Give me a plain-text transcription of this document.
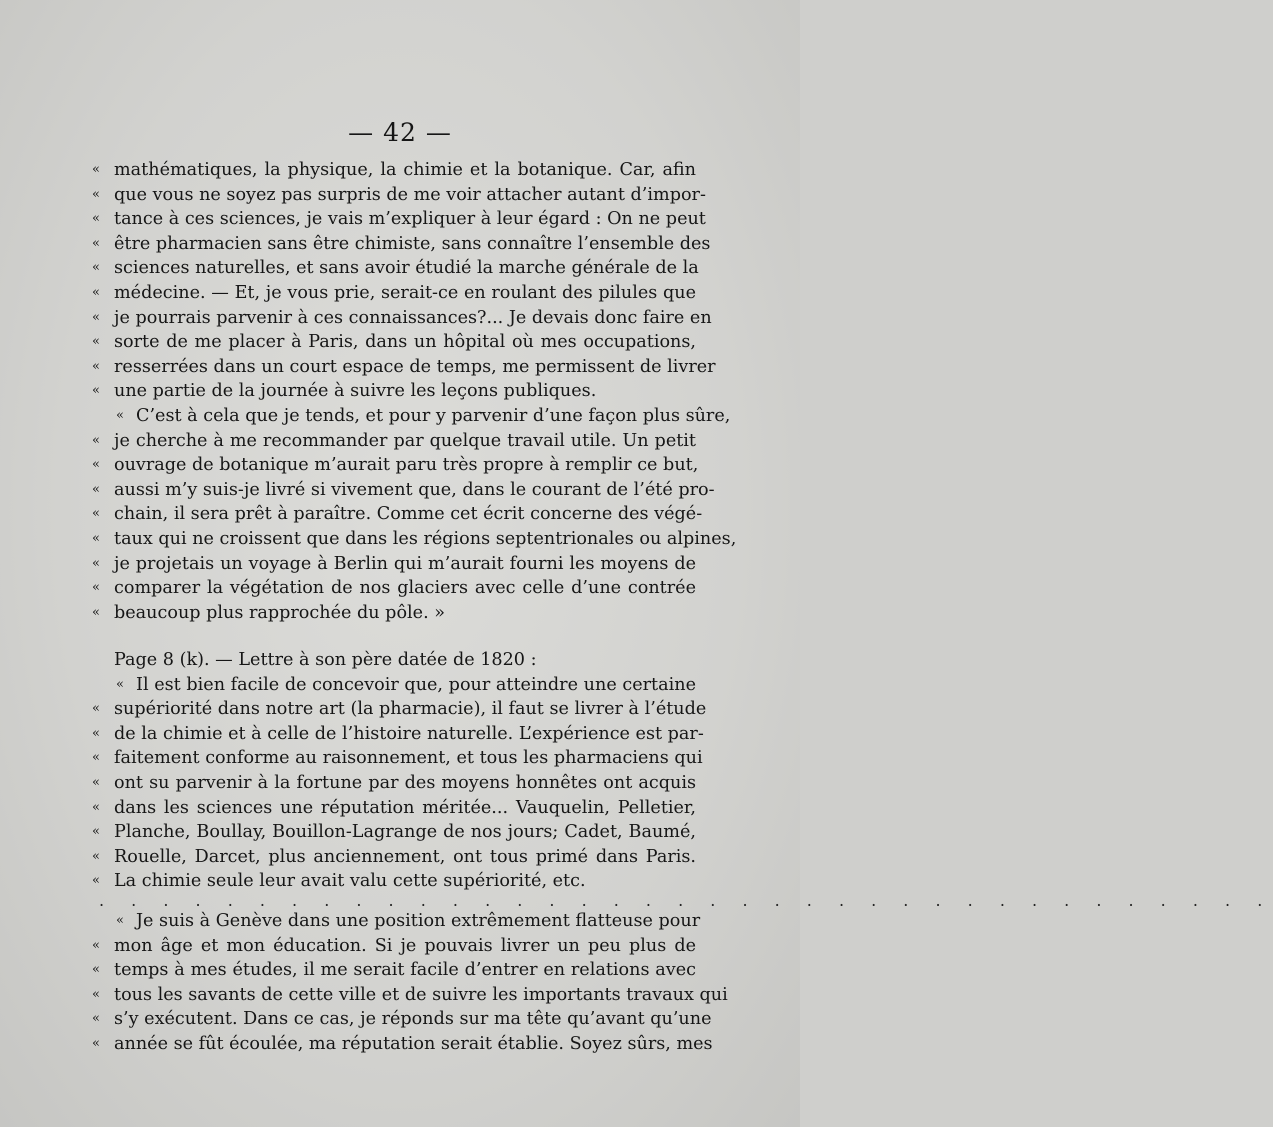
— 42 —
« mathématiques, la physique, la chimie et la botanique. Car, afin
« que vous ne soyez pas surpris de me voir attacher autant d’impor-
« tance à ces sciences, je vais m’expliquer à leur égard : On ne peut
« être pharmacien sans être chimiste, sans connaître l’ensemble des
« sciences naturelles, et sans avoir étudié la marche générale de la
« médecine. — Et, je vous prie, serait-ce en roulant des pilules que
« je pourrais parvenir à ces connaissances?... Je devais donc faire en
« sorte de me placer à Paris, dans un hôpital où mes occupations,
« resserrées dans un court espace de temps, me permissent de livrer
« une partie de la journée à suivre les leçons publiques.
« C’est à cela que je tends, et pour y parvenir d’une façon plus sûre,
« je cherche à me recommander par quelque travail utile. Un petit
« ouvrage de botanique m’aurait paru très propre à remplir ce but,
« aussi m’y suis-je livré si vivement que, dans le courant de l’été pro-
« chain, il sera prêt à paraître. Comme cet écrit concerne des végé-
« taux qui ne croissent que dans les régions septentrionales ou alpines,
« je projetais un voyage à Berlin qui m’aurait fourni les moyens de
« comparer la végétation de nos glaciers avec celle d’une contrée
« beaucoup plus rapprochée du pôle. »
Page 8 (k). — Lettre à son père datée de 1820 :
« Il est bien facile de concevoir que, pour atteindre une certaine
« supériorité dans notre art (la pharmacie), il faut se livrer à l’étude
« de la chimie et à celle de l’histoire naturelle. L’expérience est par-
« faitement conforme au raisonnement, et tous les pharmaciens qui
« ont su parvenir à la fortune par des moyens honnêtes ont acquis
« dans les sciences une réputation méritée... Vauquelin, Pelletier,
« Planche, Boullay, Bouillon-Lagrange de nos jours; Cadet, Baumé,
« Rouelle, Darcet, plus anciennement, ont tous primé dans Paris.
« La chimie seule leur avait valu cette supériorité, etc.
. . . . . . . . . . . . . . . . . . . . . . . . . . . . . . . . . . . . .
« Je suis à Genève dans une position extrêmement flatteuse pour
« mon âge et mon éducation. Si je pouvais livrer un peu plus de
« temps à mes études, il me serait facile d’entrer en relations avec
« tous les savants de cette ville et de suivre les importants travaux qui
« s’y exécutent. Dans ce cas, je réponds sur ma tête qu’avant qu’une
« année se fût écoulée, ma réputation serait établie. Soyez sûrs, mes
